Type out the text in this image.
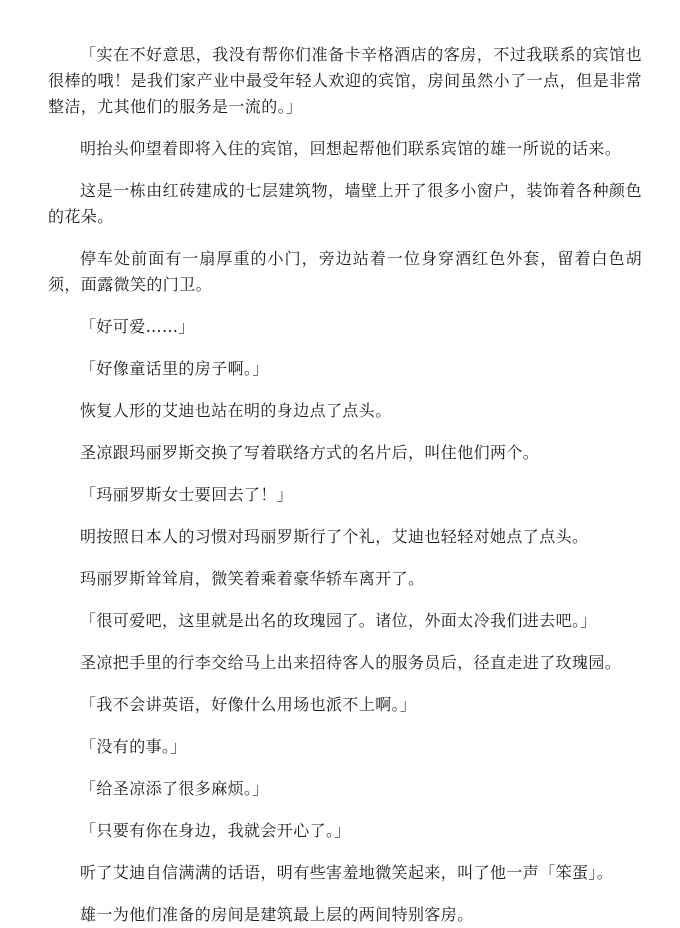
「实在不好意思，我没有帮你们准备卡辛格酒店的客房，不过我联系的宾馆也很棒的哦！是我们家产业中最受年轻人欢迎的宾馆，房间虽然小了一点，但是非常整洁，尤其他们的服务是一流的。」

明抬头仰望着即将入住的宾馆，回想起帮他们联系宾馆的雄一所说的话来。

这是一栋由红砖建成的七层建筑物，墙壁上开了很多小窗户，装饰着各种颜色的花朵。

停车处前面有一扇厚重的小门，旁边站着一位身穿酒红色外套，留着白色胡须，面露微笑的门卫。

「好可爱……」

「好像童话里的房子啊。」

恢复人形的艾迪也站在明的身边点了点头。

圣凉跟玛丽罗斯交换了写着联络方式的名片后，叫住他们两个。

「玛丽罗斯女士要回去了！」

明按照日本人的习惯对玛丽罗斯行了个礼，艾迪也轻轻对她点了点头。

玛丽罗斯耸耸肩，微笑着乘着豪华轿车离开了。

「很可爱吧，这里就是出名的玫瑰园了。诸位，外面太冷我们进去吧。」

圣凉把手里的行李交给马上出来招待客人的服务员后，径直走进了玫瑰园。

「我不会讲英语，好像什么用场也派不上啊。」

「没有的事。」

「给圣凉添了很多麻烦。」

「只要有你在身边，我就会开心了。」

听了艾迪自信满满的话语，明有些害羞地微笑起来，叫了他一声「笨蛋」。

雄一为他们准备的房间是建筑最上层的两间特别客房。
